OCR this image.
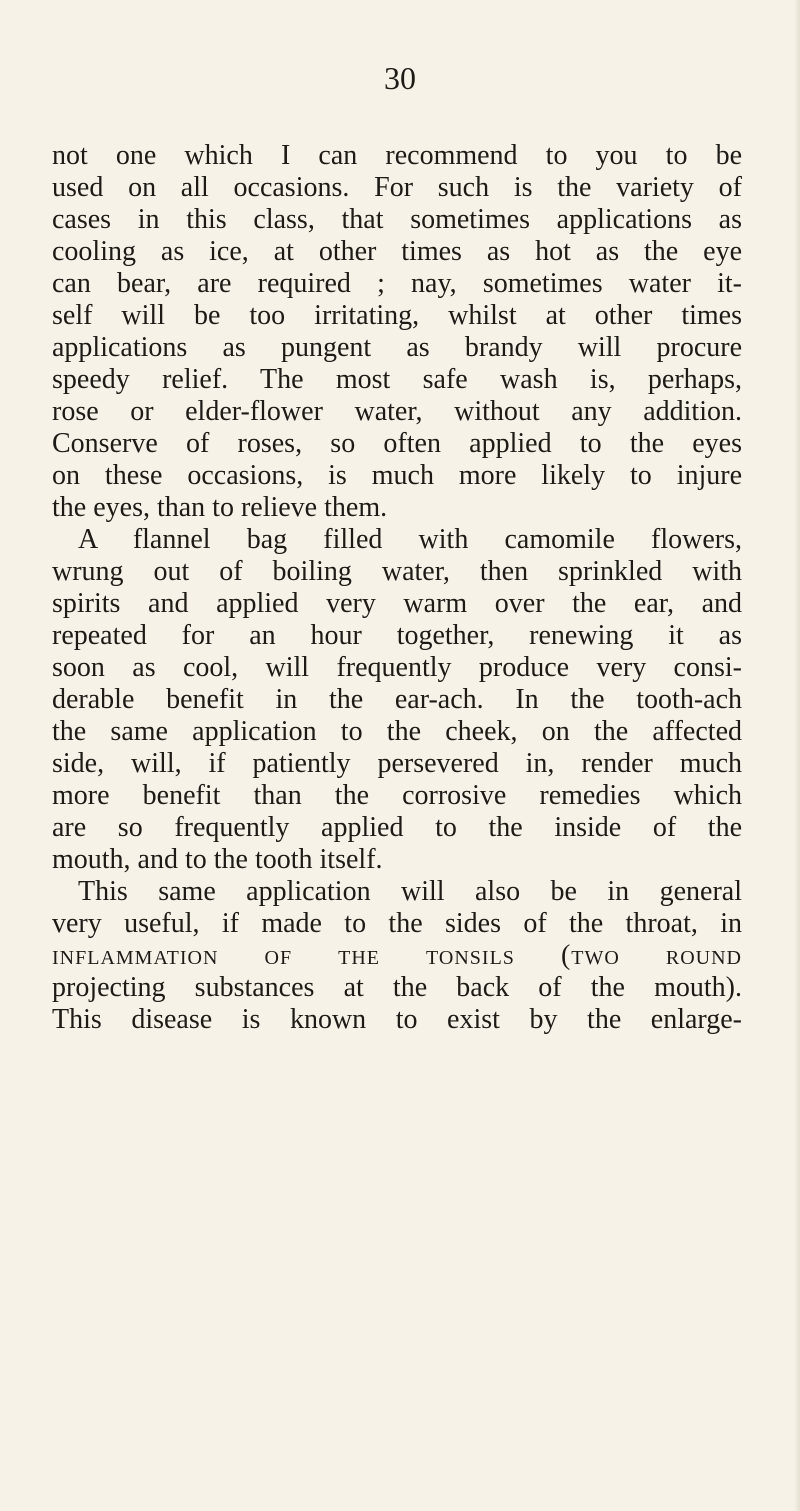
30
not one which I can recommend to you to be
used on all occasions. For such is the variety of
cases in this class, that sometimes applications as
cooling as ice, at other times as hot as the eye
can bear, are required ; nay, sometimes water it-
self will be too irritating, whilst at other times
applications as pungent as brandy will procure
speedy relief. The most safe wash is, perhaps,
rose or elder-flower water, without any addition.
Conserve of roses, so often applied to the eyes
on these occasions, is much more likely to injure
the eyes, than to relieve them.
A flannel bag filled with camomile flowers,
wrung out of boiling water, then sprinkled with
spirits and applied very warm over the ear, and
repeated for an hour together, renewing it as
soon as cool, will frequently produce very consi-
derable benefit in the ear-ach. In the tooth-ach
the same application to the cheek, on the affected
side, will, if patiently persevered in, render much
more benefit than the corrosive remedies which
are so frequently applied to the inside of the
mouth, and to the tooth itself.
This same application will also be in general
very useful, if made to the sides of the throat, in
inflammation of the tonsils (two round
projecting substances at the back of the mouth).
This disease is known to exist by the enlarge-
